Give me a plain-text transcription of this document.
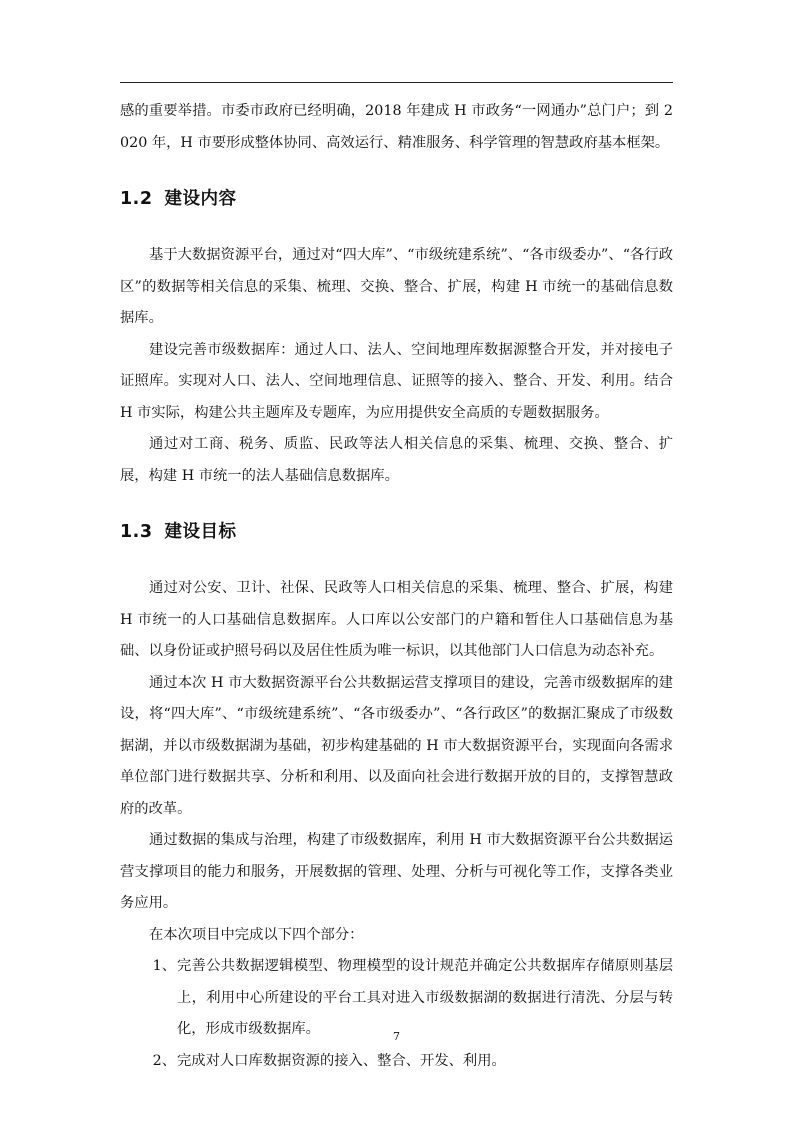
感的重要举措。市委市政府已经明确，2018 年建成 H 市政务“一网通办”总门户；到 2020 年，H 市要形成整体协同、高效运行、精准服务、科学管理的智慧政府基本框架。

1.2 建设内容

基于大数据资源平台，通过对“四大库”、“市级统建系统”、“各市级委办”、“各行政区”的数据等相关信息的采集、梳理、交换、整合、扩展，构建 H 市统一的基础信息数据库。

建设完善市级数据库：通过人口、法人、空间地理库数据源整合开发，并对接电子证照库。实现对人口、法人、空间地理信息、证照等的接入、整合、开发、利用。结合 H 市实际，构建公共主题库及专题库，为应用提供安全高质的专题数据服务。

通过对工商、税务、质监、民政等法人相关信息的采集、梳理、交换、整合、扩展，构建 H 市统一的法人基础信息数据库。

1.3 建设目标

通过对公安、卫计、社保、民政等人口相关信息的采集、梳理、整合、扩展，构建 H 市统一的人口基础信息数据库。人口库以公安部门的户籍和暂住人口基础信息为基础、以身份证或护照号码以及居住性质为唯一标识，以其他部门人口信息为动态补充。

通过本次 H 市大数据资源平台公共数据运营支撑项目的建设，完善市级数据库的建设，将“四大库”、“市级统建系统”、“各市级委办”、“各行政区”的数据汇聚成了市级数据湖，并以市级数据湖为基础，初步构建基础的 H 市大数据资源平台，实现面向各需求单位部门进行数据共享、分析和利用、以及面向社会进行数据开放的目的，支撑智慧政府的改革。

通过数据的集成与治理，构建了市级数据库，利用 H 市大数据资源平台公共数据运营支撑项目的能力和服务，开展数据的管理、处理、分析与可视化等工作，支撑各类业务应用。

在本次项目中完成以下四个部分：

1、 完善公共数据逻辑模型、物理模型的设计规范并确定公共数据库存储原则基层上，利用中心所建设的平台工具对进入市级数据湖的数据进行清洗、分层与转化，形成市级数据库。
2、 完成对人口库数据资源的接入、整合、开发、利用。
7
